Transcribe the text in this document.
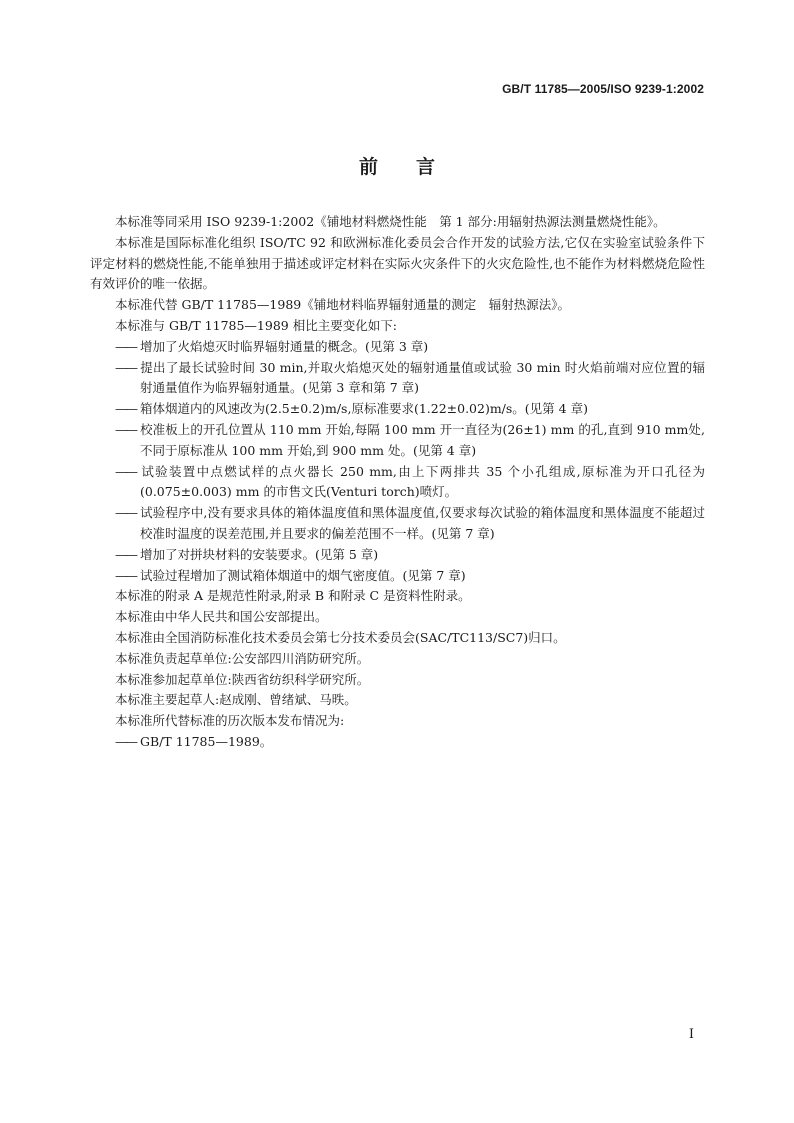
GB/T 11785—2005/ISO 9239-1:2002
前言

本标准等同采用 ISO 9239-1:2002《铺地材料燃烧性能　第 1 部分:用辐射热源法测量燃烧性能》。

本标准是国际标准化组织 ISO/TC 92 和欧洲标准化委员会合作开发的试验方法,它仅在实验室试验条件下评定材料的燃烧性能,不能单独用于描述或评定材料在实际火灾条件下的火灾危险性,也不能作为材料燃烧危险性有效评价的唯一依据。

本标准代替 GB/T 11785—1989《铺地材料临界辐射通量的测定　辐射热源法》。

本标准与 GB/T 11785—1989 相比主要变化如下:

—— 增加了火焰熄灭时临界辐射通量的概念。(见第 3 章)

—— 提出了最长试验时间 30 min,并取火焰熄灭处的辐射通量值或试验 30 min 时火焰前端对应位置的辐射通量值作为临界辐射通量。(见第 3 章和第 7 章)

—— 箱体烟道内的风速改为(2.5±0.2)m/s,原标准要求(1.22±0.02)m/s。(见第 4 章)

—— 校准板上的开孔位置从 110 mm 开始,每隔 100 mm 开一直径为(26±1) mm 的孔,直到 910 mm处,不同于原标准从 100 mm 开始,到 900 mm 处。(见第 4 章)

—— 试验装置中点燃试样的点火器长 250 mm,由上下两排共 35 个小孔组成,原标准为开口孔径为(0.075±0.003) mm 的市售文氏(Venturi torch)喷灯。

—— 试验程序中,没有要求具体的箱体温度值和黑体温度值,仅要求每次试验的箱体温度和黑体温度不能超过校准时温度的误差范围,并且要求的偏差范围不一样。(见第 7 章)

—— 增加了对拼块材料的安装要求。(见第 5 章)

—— 试验过程增加了测试箱体烟道中的烟气密度值。(见第 7 章)

本标准的附录 A 是规范性附录,附录 B 和附录 C 是资料性附录。

本标准由中华人民共和国公安部提出。

本标准由全国消防标准化技术委员会第七分技术委员会(SAC/TC113/SC7)归口。

本标准负责起草单位:公安部四川消防研究所。

本标准参加起草单位:陕西省纺织科学研究所。

本标准主要起草人:赵成刚、曾绪斌、马昳。

本标准所代替标准的历次版本发布情况为:

—— GB/T 11785—1989。

I
